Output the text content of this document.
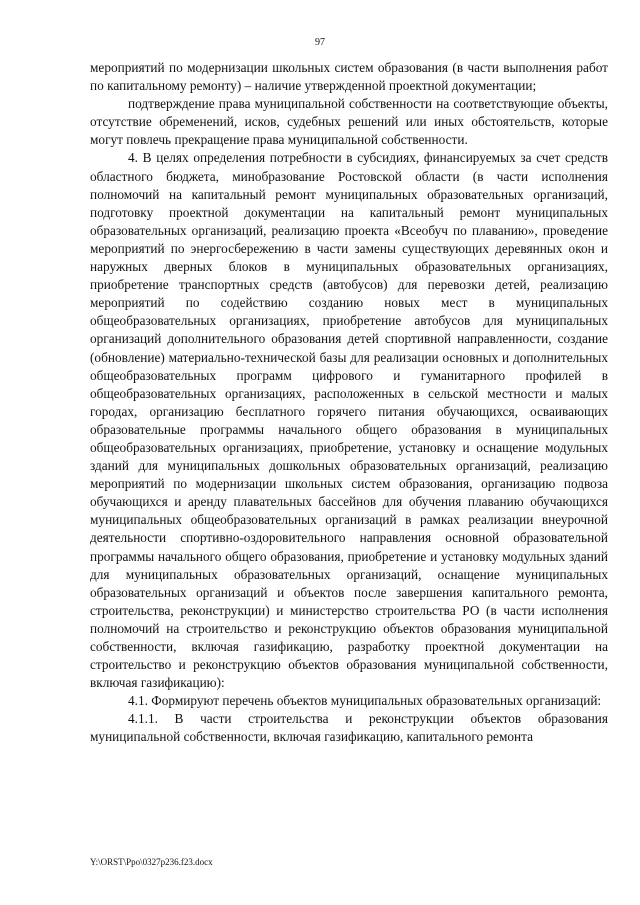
97

мероприятий по модернизации школьных систем образования (в части выполнения работ по капитальному ремонту) – наличие утвержденной проектной документации;

подтверждение права муниципальной собственности на соответствующие объекты, отсутствие обременений, исков, судебных решений или иных обстоятельств, которые могут повлечь прекращение права муниципальной собственности.

4. В целях определения потребности в субсидиях, финансируемых за счет средств областного бюджета, минобразование Ростовской области (в части исполнения полномочий на капитальный ремонт муниципальных образовательных организаций, подготовку проектной документации на капитальный ремонт муниципальных образовательных организаций, реализацию проекта «Всеобуч по плаванию», проведение мероприятий по энергосбережению в части замены существующих деревянных окон и наружных дверных блоков в муниципальных образовательных организациях, приобретение транспортных средств (автобусов) для перевозки детей, реализацию мероприятий по содействию созданию новых мест в муниципальных общеобразовательных организациях, приобретение автобусов для муниципальных организаций дополнительного образования детей спортивной направленности, создание (обновление) материально-технической базы для реализации основных и дополнительных общеобразовательных программ цифрового и гуманитарного профилей в общеобразовательных организациях, расположенных в сельской местности и малых городах, организацию бесплатного горячего питания обучающихся, осваивающих образовательные программы начального общего образования в муниципальных общеобразовательных организациях, приобретение, установку и оснащение модульных зданий для муниципальных дошкольных образовательных организаций, реализацию мероприятий по модернизации школьных систем образования, организацию подвоза обучающихся и аренду плавательных бассейнов для обучения плаванию обучающихся муниципальных общеобразовательных организаций в рамках реализации внеурочной деятельности спортивно-оздоровительного направления основной образовательной программы начального общего образования, приобретение и установку модульных зданий для муниципальных образовательных организаций, оснащение муниципальных образовательных организаций и объектов после завершения капитального ремонта, строительства, реконструкции) и министерство строительства РО (в части исполнения полномочий на строительство и реконструкцию объектов образования муниципальной собственности, включая газификацию, разработку проектной документации на строительство и реконструкцию объектов образования муниципальной собственности, включая газификацию):

4.1. Формируют перечень объектов муниципальных образовательных организаций:

4.1.1. В части строительства и реконструкции объектов образования муниципальной собственности, включая газификацию, капитального ремонта

Y:\ORST\Ppo\0327p236.f23.docx
